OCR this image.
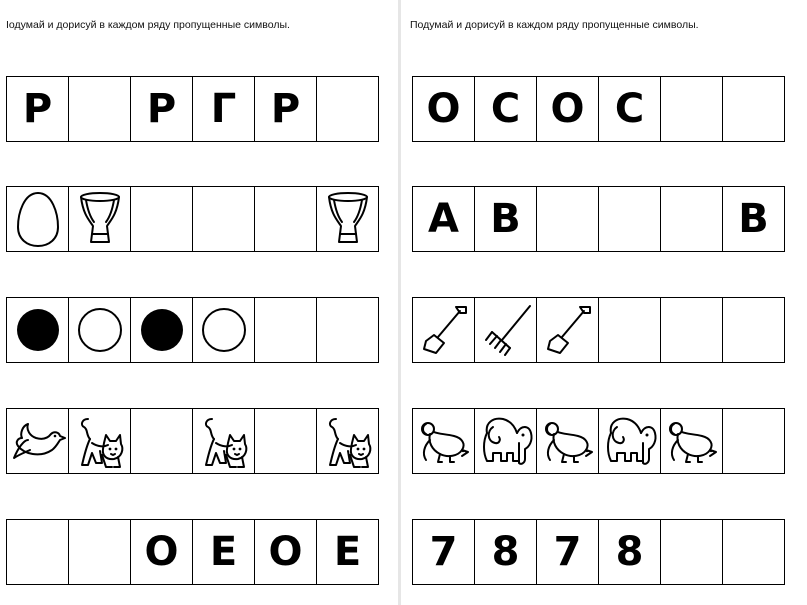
Iодумай и дорисуй в каждом ряду пропущенные символы.
Р Р Г Р
О Е О Е
Подумай и дорисуй в каждом ряду пропущенные символы.
О С О С
А В	В
7 8 7 8
